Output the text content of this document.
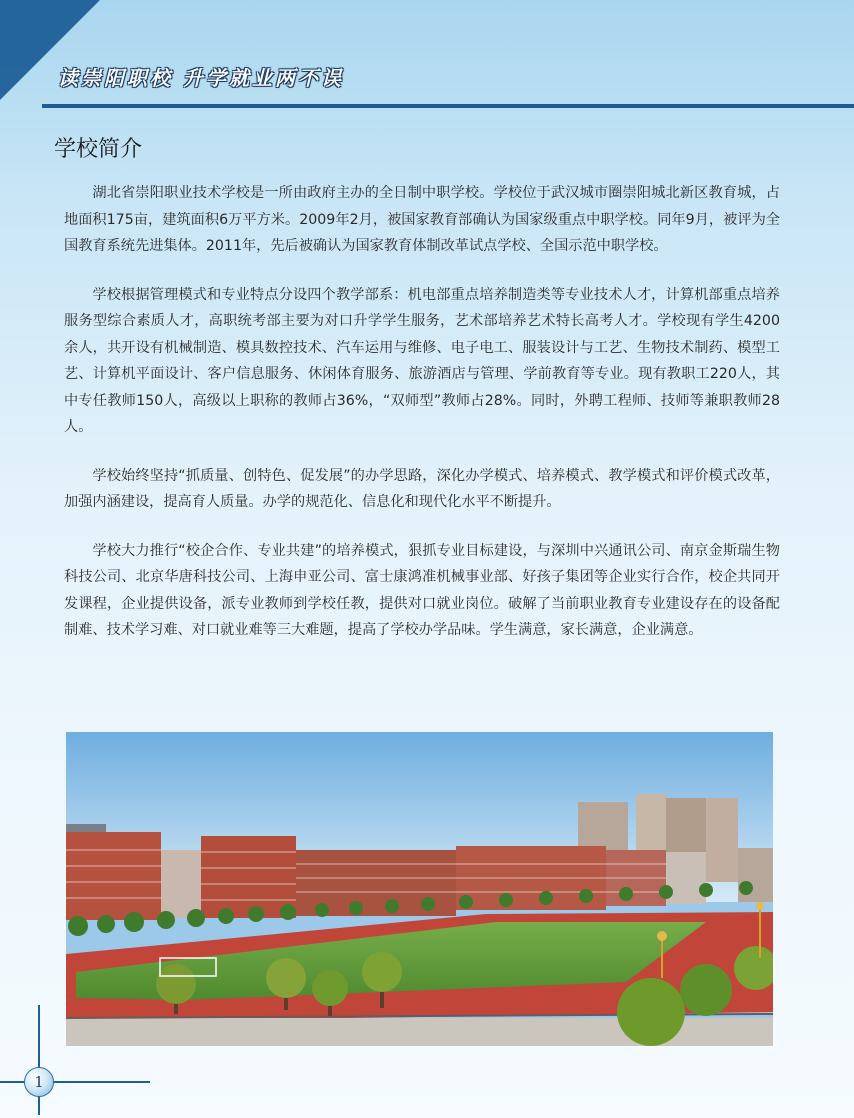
读崇阳职校 升学就业两不误
学校简介

湖北省崇阳职业技术学校是一所由政府主办的全日制中职学校。学校位于武汉城市圈崇阳城北新区教育城，占地面积175亩，建筑面积6万平方米。2009年2月，被国家教育部确认为国家级重点中职学校。同年9月，被评为全国教育系统先进集体。2011年，先后被确认为国家教育体制改革试点学校、全国示范中职学校。

学校根据管理模式和专业特点分设四个教学部系：机电部重点培养制造类等专业技术人才，计算机部重点培养服务型综合素质人才，高职统考部主要为对口升学学生服务，艺术部培养艺术特长高考人才。学校现有学生4200余人，共开设有机械制造、模具数控技术、汽车运用与维修、电子电工、服装设计与工艺、生物技术制药、模型工艺、计算机平面设计、客户信息服务、休闲体育服务、旅游酒店与管理、学前教育等专业。现有教职工220人，其中专任教师150人，高级以上职称的教师占36%，“双师型”教师占28%。同时，外聘工程师、技师等兼职教师28人。

学校始终坚持“抓质量、创特色、促发展”的办学思路，深化办学模式、培养模式、教学模式和评价模式改革，加强内涵建设，提高育人质量。办学的规范化、信息化和现代化水平不断提升。

学校大力推行“校企合作、专业共建”的培养模式，狠抓专业目标建设，与深圳中兴通讯公司、南京金斯瑞生物科技公司、北京华唐科技公司、上海申亚公司、富士康鸿准机械事业部、好孩子集团等企业实行合作，校企共同开发课程，企业提供设备，派专业教师到学校任教，提供对口就业岗位。破解了当前职业教育专业建设存在的设备配制难、技术学习难、对口就业难等三大难题，提高了学校办学品味。学生满意，家长满意，企业满意。

1
